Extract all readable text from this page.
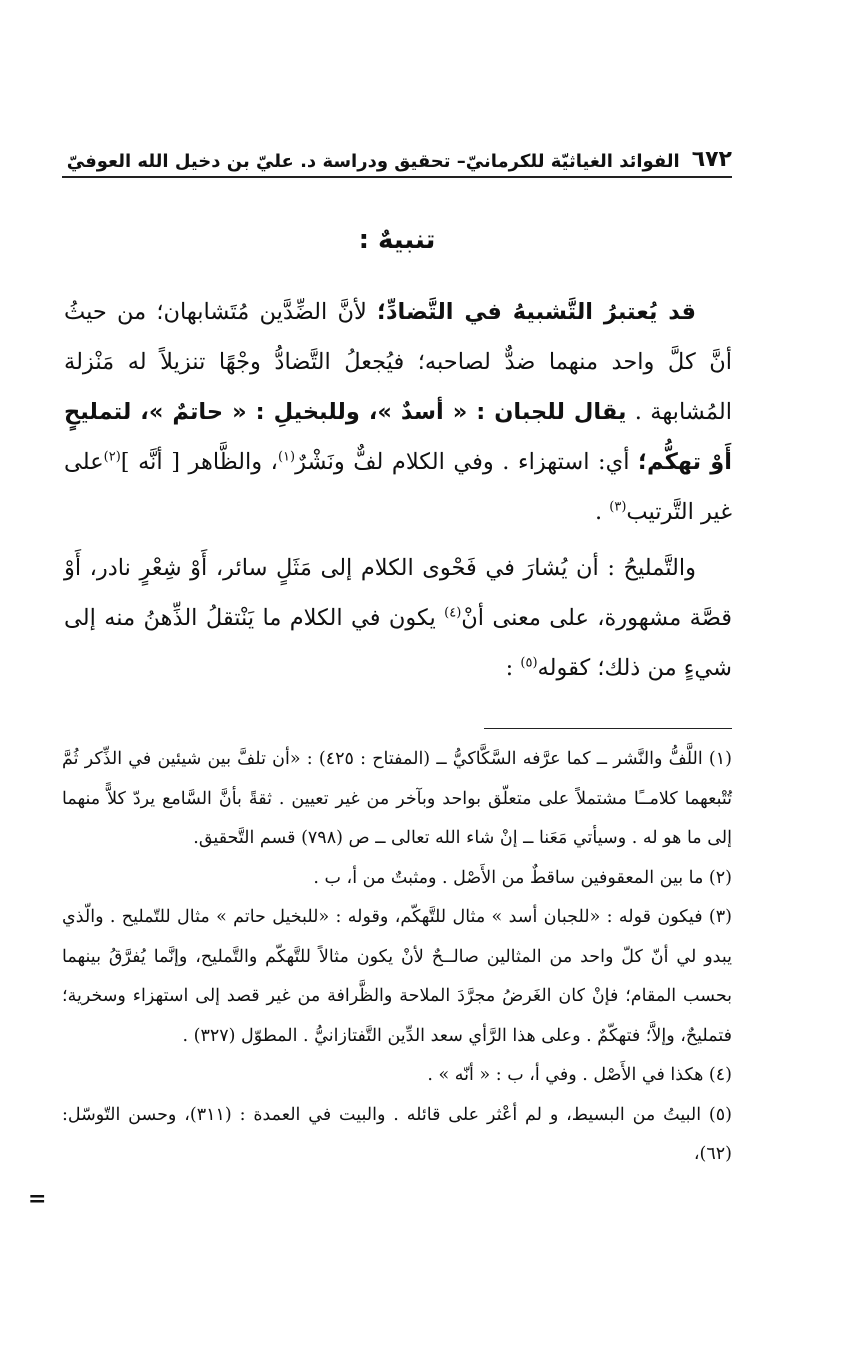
٦٧٢
الفوائد الغياثيّة للكرمانيّ– تحقيق ودراسة د. عليّ بن دخيل الله العوفيّ
تنبيهٌ :

قد يُعتبرُ التَّشبيهُ في التَّضادِّ؛ لأنَّ الضِّدَّين مُتَشابهان؛ من حيثُ أنَّ كلَّ واحد منهما ضدٌّ لصاحبه؛ فيُجعلُ التَّضادُّ وجْهًا تنزيلاً له مَنْزلة المُشابهة . يقال للجبان : « أسدٌ »، وللبخيلِ : « حاتمٌ »، لتمليحٍ أَوْ تهكُّم؛ أي: استهزاء . وفي الكلام لفٌّ ونَشْرٌ$^{(١)}$، والظَّاهر [ أنَّه ]$^{(٢)}$على غير التَّرتيب$^{(٣)}$ .

والتَّمليحُ : أن يُشارَ في فَحْوى الكلام إلى مَثَلٍ سائر، أَوْ شِعْرٍ نادر، أَوْ قصَّة مشهورة، على معنى أنْ$^{(٤)}$ يكون في الكلام ما يَنْتقلُ الذِّهنُ منه إلى شيءٍ من ذلك؛ كقوله$^{(٥)}$ :

(١) اللَّفُّ والنَّشر ــ كما عرَّفه السَّكَّاكيُّ ــ (المفتاح : ٤٢٥) : «أن تلفَّ بين شيئين في الذِّكر ثُمَّ تُتْبعهما كلامــًا مشتملاً على متعلّق بواحد وبآخر من غير تعيين . ثقةً بأنَّ السَّامع يردّ كلاًّ منهما إلى ما هو له . وسيأتي مَعَنا ــ إنْ شاء الله تعالى ــ ص (٧٩٨) قسم التَّحقيق.

(٢) ما بين المعقوفين ساقطٌ من الأَصْل . ومثبتٌ من أ، ب .

(٣) فيكون قوله : «للجبان أسد » مثال للتَّهكّم، وقوله : «للبخيل حاتم » مثال للتّمليح . والّذي يبدو لي أنّ كلّ واحد من المثالين صالــحٌ لأنْ يكون مثالاً للتَّهكّم والتَّمليح، وإنَّما يُفرَّقُ بينهما بحسب المقام؛ فإنْ كان الغَرضُ مجرَّدَ الملاحة والظَّرافة من غير قصد إلى استهزاء وسخرية؛ فتمليحٌ، وإلاَّ؛ فتهكّمٌ . وعلى هذا الرَّأي سعد الدِّين التَّفتازانيُّ . المطوّل (٣٢٧) .

(٤) هكذا في الأَصْل . وفي أ، ب : « أنّه » .

(٥) البيتُ من البسيط، و لم أعْثر على قائله . والبيت في العمدة : (٣١١)، وحسن التّوسّل: (٦٢)،

=
